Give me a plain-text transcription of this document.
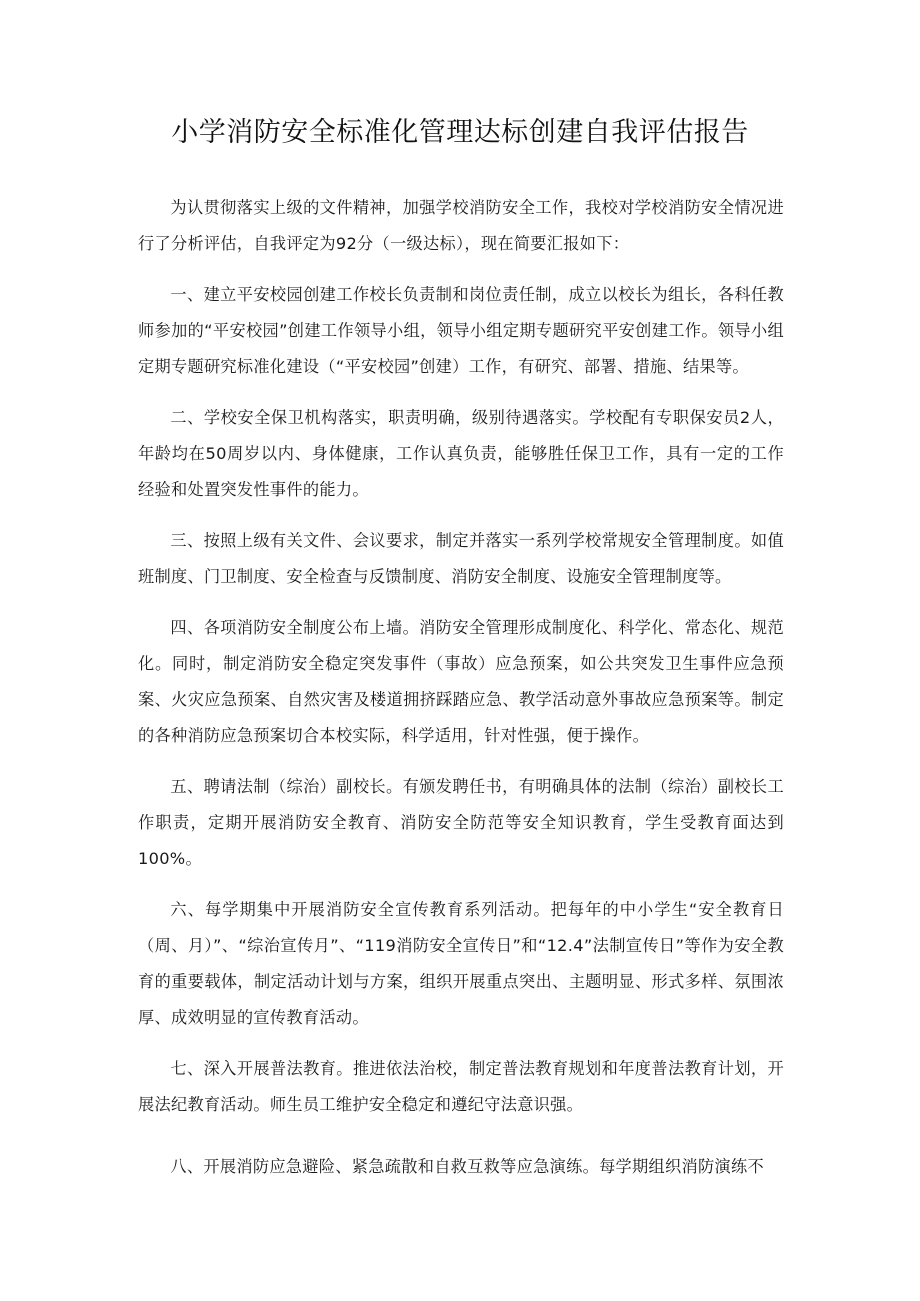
小学消防安全标准化管理达标创建自我评估报告

为认贯彻落实上级的文件精神，加强学校消防安全工作，我校对学校消防安全情况进行了分析评估，自我评定为92分（一级达标），现在简要汇报如下：

一、建立平安校园创建工作校长负责制和岗位责任制，成立以校长为组长，各科任教师参加的“平安校园”创建工作领导小组，领导小组定期专题研究平安创建工作。领导小组定期专题研究标准化建设（“平安校园”创建）工作，有研究、部署、措施、结果等。

二、学校安全保卫机构落实，职责明确，级别待遇落实。学校配有专职保安员2人，年龄均在50周岁以内、身体健康，工作认真负责，能够胜任保卫工作，具有一定的工作经验和处置突发性事件的能力。

三、按照上级有关文件、会议要求，制定并落实一系列学校常规安全管理制度。如值班制度、门卫制度、安全检查与反馈制度、消防安全制度、设施安全管理制度等。

四、各项消防安全制度公布上墙。消防安全管理形成制度化、科学化、常态化、规范化。同时，制定消防安全稳定突发事件（事故）应急预案，如公共突发卫生事件应急预案、火灾应急预案、自然灾害及楼道拥挤踩踏应急、教学活动意外事故应急预案等。制定的各种消防应急预案切合本校实际，科学适用，针对性强，便于操作。

五、聘请法制（综治）副校长。有颁发聘任书，有明确具体的法制（综治）副校长工作职责，定期开展消防安全教育、消防安全防范等安全知识教育，学生受教育面达到100%。

六、每学期集中开展消防安全宣传教育系列活动。把每年的中小学生“安全教育日（周、月）”、“综治宣传月”、“119消防安全宣传日”和“12.4”法制宣传日”等作为安全教育的重要载体，制定活动计划与方案，组织开展重点突出、主题明显、形式多样、氛围浓厚、成效明显的宣传教育活动。

七、深入开展普法教育。推进依法治校，制定普法教育规划和年度普法教育计划，开展法纪教育活动。师生员工维护安全稳定和遵纪守法意识强。

八、开展消防应急避险、紧急疏散和自救互救等应急演练。每学期组织消防演练不
